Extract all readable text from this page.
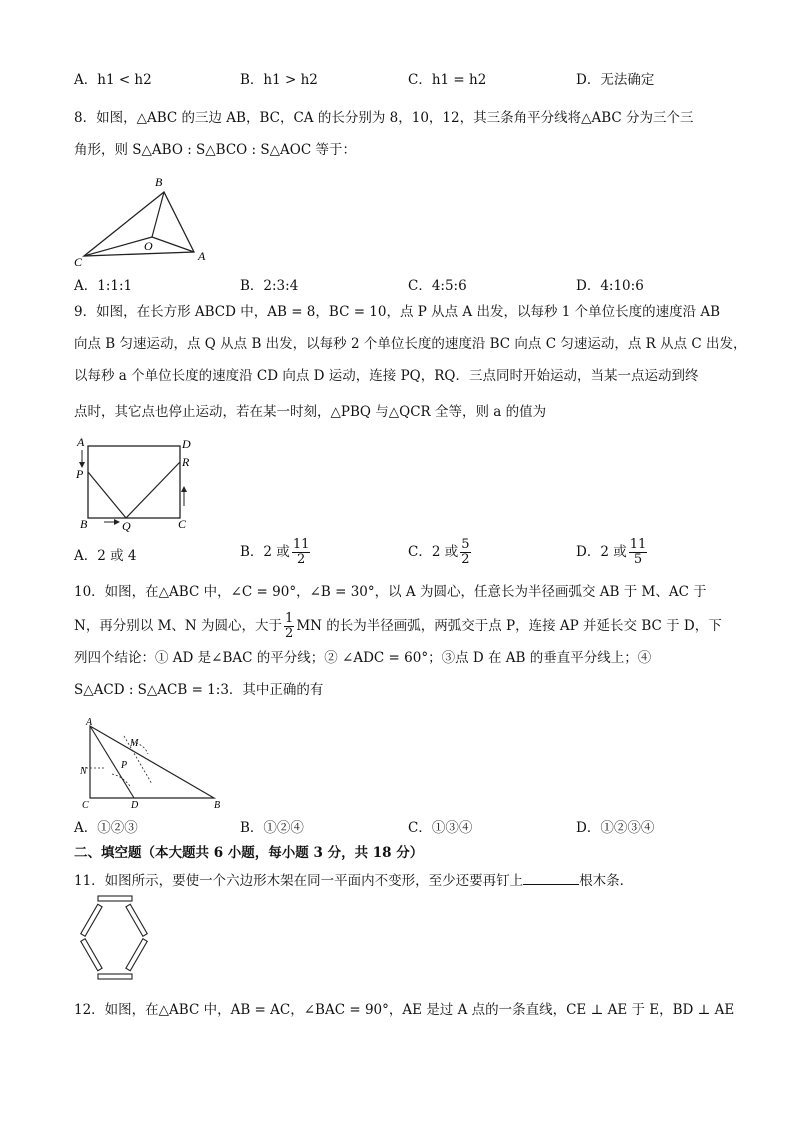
A．h1 < h2	B．h1 > h2	C．h1 = h2	D．无法确定
8．如图，△ABC 的三边 AB，BC，CA 的长分别为 8，10，12，其三条角平分线将△ABC 分为三个三
角形，则 S△ABO : S△BCO : S△AOC 等于：
B
O
C	A
A．1:1:1	B．2:3:4	C．4:5:6	D．4:10:6
9．如图，在长方形 ABCD 中，AB = 8，BC = 10，点 P 从点 A 出发，以每秒 1 个单位长度的速度沿 AB
向点 B 匀速运动，点 Q 从点 B 出发，以每秒 2 个单位长度的速度沿 BC 向点 C 匀速运动，点 R 从点 C 出发，
以每秒 a 个单位长度的速度沿 CD 向点 D 运动，连接 PQ，RQ．三点同时开始运动，当某一点运动到终
点时，其它点也停止运动，若在某一时刻，△PBQ 与△QCR 全等，则 a 的值为
A	D
P
R
B	Q	C
A．2 或 4	B．2 或 $\frac{11}{2}$	C．2 或 $\frac{5}{2}$	D．2 或 $\frac{11}{5}$
10．如图，在△ABC 中，∠C = 90°，∠B = 30°，以 A 为圆心，任意长为半径画弧交 AB 于 M、AC 于
N，再分别以 M、N 为圆心，大于 $\frac{1}{2}$ MN 的长为半径画弧，两弧交于点 P，连接 AP 并延长交 BC 于 D，下
列四个结论：① AD 是∠BAC 的平分线；② ∠ADC = 60°；③点 D 在 AB 的垂直平分线上；④
S△ACD : S△ACB = 1:3．其中正确的有
A
M
N
P
C	D	B
A．①②③	B．①②④	C．①③④	D．①②③④
二、填空题（本大题共 6 小题，每小题 3 分，共 18 分）
11．如图所示，要使一个六边形木架在同一平面内不变形，至少还要再钉上	根木条．
12．如图，在△ABC 中，AB = AC，∠BAC = 90°，AE 是过 A 点的一条直线，CE ⊥ AE 于 E，BD ⊥ AE
